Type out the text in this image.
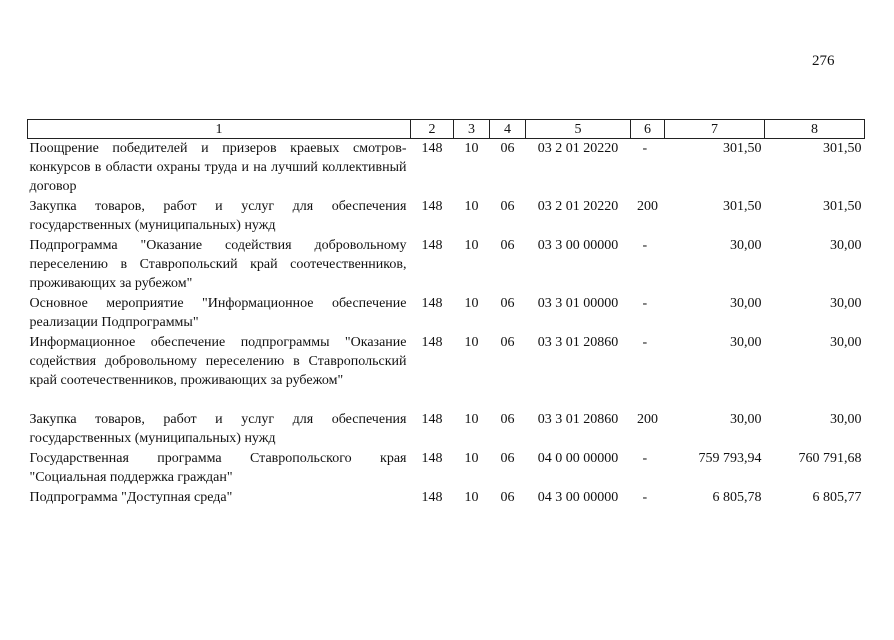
276
1	2	3	4	5	6	7	8
Поощрение победителей и призеров краевых смотров-конкурсов в области охраны труда и на лучший коллективный договор	148	10	06	03 2 01 20220	-	301,50	301,50
Закупка товаров, работ и услуг для обеспечения государственных (муниципальных) нужд	148	10	06	03 2 01 20220	200	301,50	301,50
Подпрограмма "Оказание содействия добровольному переселению в Ставропольский край соотечественников, проживающих за рубежом"	148	10	06	03 3 00 00000	-	30,00	30,00
Основное мероприятие "Информационное обеспечение реализации Подпрограммы"	148	10	06	03 3 01 00000	-	30,00	30,00
Информационное обеспечение подпрограммы "Оказание содействия добровольному переселению в Ставропольский край соотечественников, проживающих за рубежом"	148	10	06	03 3 01 20860	-	30,00	30,00
Закупка товаров, работ и услуг для обеспечения государственных (муниципальных) нужд	148	10	06	03 3 01 20860	200	30,00	30,00
Государственная программа Ставропольского края "Социальная поддержка граждан"	148	10	06	04 0 00 00000	-	759 793,94	760 791,68
Подпрограмма "Доступная среда"	148	10	06	04 3 00 00000	-	6 805,78	6 805,77
